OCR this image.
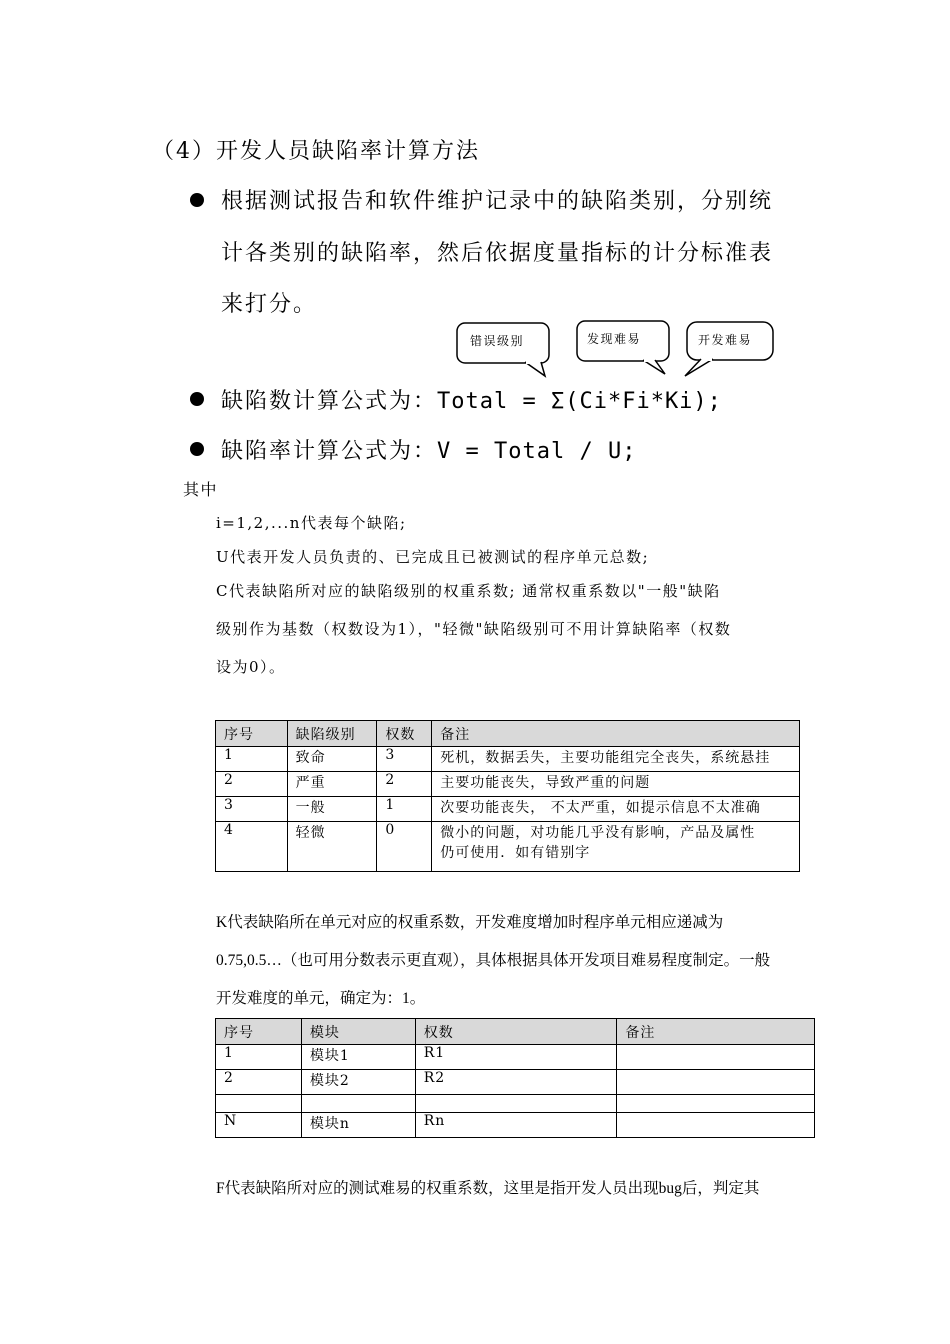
（4）开发人员缺陷率计算方法
根据测试报告和软件维护记录中的缺陷类别，分别统
计各类别的缺陷率，然后依据度量指标的计分标准表
来打分。
错误级别	发现难易	开发难易
缺陷数计算公式为：Total = Σ(Ci*Fi*Ki);
缺陷率计算公式为：V = Total / U;
其中
i=1,2,...n代表每个缺陷;
U代表开发人员负责的、已完成且已被测试的程序单元总数;
C代表缺陷所对应的缺陷级别的权重系数; 通常权重系数以"一般"缺陷
级别作为基数（权数设为1），"轻微"缺陷级别可不用计算缺陷率（权数
设为0）。
序号	缺陷级别	权数	备注
1	致命	3	死机，数据丢失，主要功能组完全丧失，系统悬挂
2	严重	2	主要功能丧失，导致严重的问题
3	一般	1	次要功能丧失， 不太严重，如提示信息不太准确
4	轻微	0	微小的问题，对功能几乎没有影响，产品及属性
仍可使用．如有错别字
K代表缺陷所在单元对应的权重系数，开发难度增加时程序单元相应递减为
0.75,0.5…（也可用分数表示更直观），具体根据具体开发项目难易程度制定。一般
开发难度的单元，确定为：1。
序号	模块	权数	备注
1	模块1	R1	
2	模块2	R2	

N	模块n	Rn	
F代表缺陷所对应的测试难易的权重系数，这里是指开发人员出现bug后，判定其
